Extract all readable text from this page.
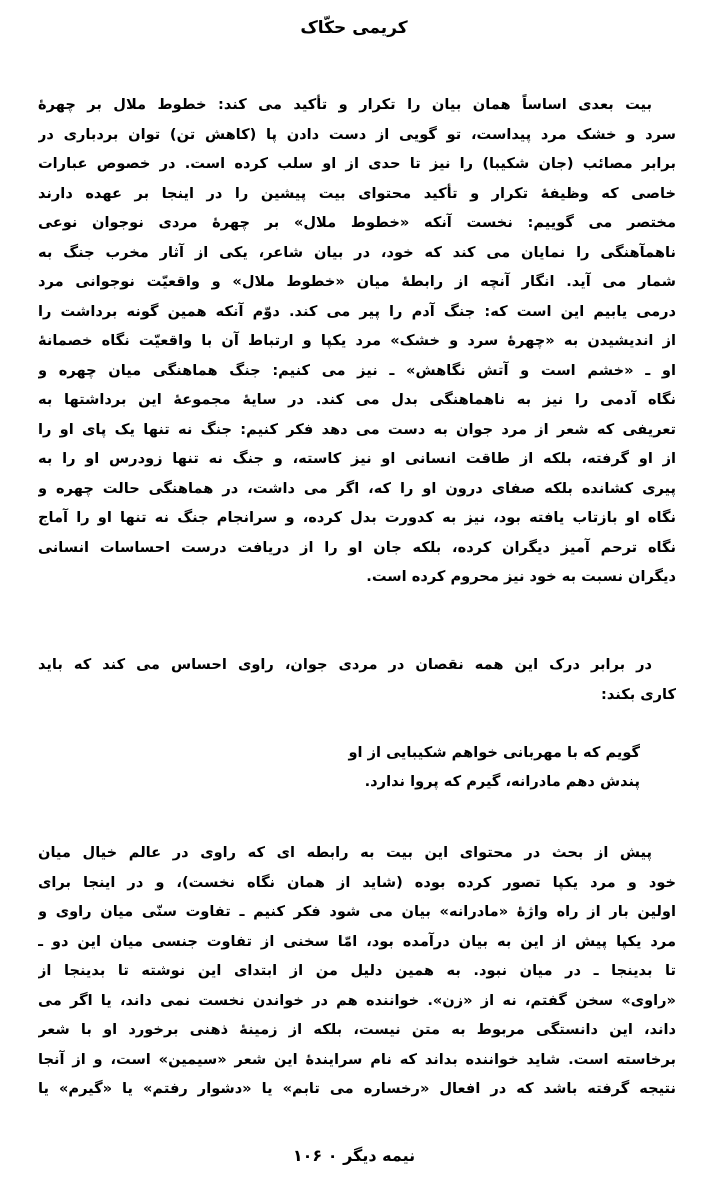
کریمی حکّاک
بیت بعدی اساساً همان بیان را تکرار و تأکید می کند: خطوط ملال بر چهرهٔ
سرد و خشک مرد پیداست، تو گویی از دست دادن پا (کاهش تن) توان بردباری در
برابر مصائب (جان شکیبا) را نیز تا حدی از او سلب کرده است. در خصوص عبارات
خاصی که وظیفهٔ تکرار و تأکید محتوای بیت پیشین را در اینجا بر عهده دارند
مختصر می گوییم: نخست آنکه «خطوط ملال» بر چهرهٔ مردی نوجوان نوعی
ناهمآهنگی را نمایان می کند که خود، در بیان شاعر، یکی از آثار مخرب جنگ به
شمار می آید. انگار آنچه از رابطهٔ میان «خطوط ملال» و واقعیّت نوجوانی مرد
درمی یابیم این است که: جنگ آدم را پیر می کند. دوّم آنکه همین گونه برداشت را
از اندیشیدن به «چهرهٔ سرد و خشک» مرد یکپا و ارتباط آن با واقعیّت نگاه خصمانهٔ
او ـ «خشم است و آتش نگاهش» ـ نیز می کنیم: جنگ هماهنگی میان چهره و
نگاه آدمی را نیز به ناهماهنگی بدل می کند. در سایهٔ مجموعهٔ این برداشتها به
تعریفی که شعر از مرد جوان به دست می دهد فکر کنیم: جنگ نه تنها یک پای او را
از او گرفته، بلکه از طاقت انسانی او نیز کاسته، و جنگ نه تنها زودرس او را به
پیری کشانده بلکه صفای درون او را که، اگر می داشت، در هماهنگی حالت چهره و
نگاه او بازتاب یافته بود، نیز به کدورت بدل کرده، و سرانجام جنگ نه تنها او را آماج
نگاه ترحم آمیز دیگران کرده، بلکه جان او را از دریافت درست احساسات انسانی
دیگران نسبت به خود نیز محروم کرده است.
در برابر درک این همه نقصان در مردی جوان، راوی احساس می کند که باید
کاری بکند:
گویم که با مهربانی خواهم شکیبایی از او
پندش دهم مادرانه، گیرم که پروا ندارد.
پیش از بحث در محتوای این بیت به رابطه ای که راوی در عالم خیال میان
خود و مرد یکپا تصور کرده بوده (شاید از همان نگاه نخست)، و در اینجا برای
اولین بار از راه واژهٔ «مادرانه» بیان می شود فکر کنیم ـ تفاوت سنّی میان راوی و
مرد یکپا پیش از این به بیان درآمده بود، امّا سخنی از تفاوت جنسی میان این دو ـ
تا بدینجا ـ در میان نبود. به همین دلیل من از ابتدای این نوشته تا بدینجا از
«راوی» سخن گفتم، نه از «زن». خواننده هم در خواندن نخست نمی داند، یا اگر می
داند، این دانستگی مربوط به متن نیست، بلکه از زمینهٔ ذهنی برخورد او با شعر
برخاسته است. شاید خواننده بداند که نام سرایندهٔ این شعر «سیمین» است، و از آنجا
نتیجه گرفته باشد که در افعال «رخساره می تابم» یا «دشوار رفتم» یا «گیرم» یا
نیمه دیگر ۰ ۱۰۶
